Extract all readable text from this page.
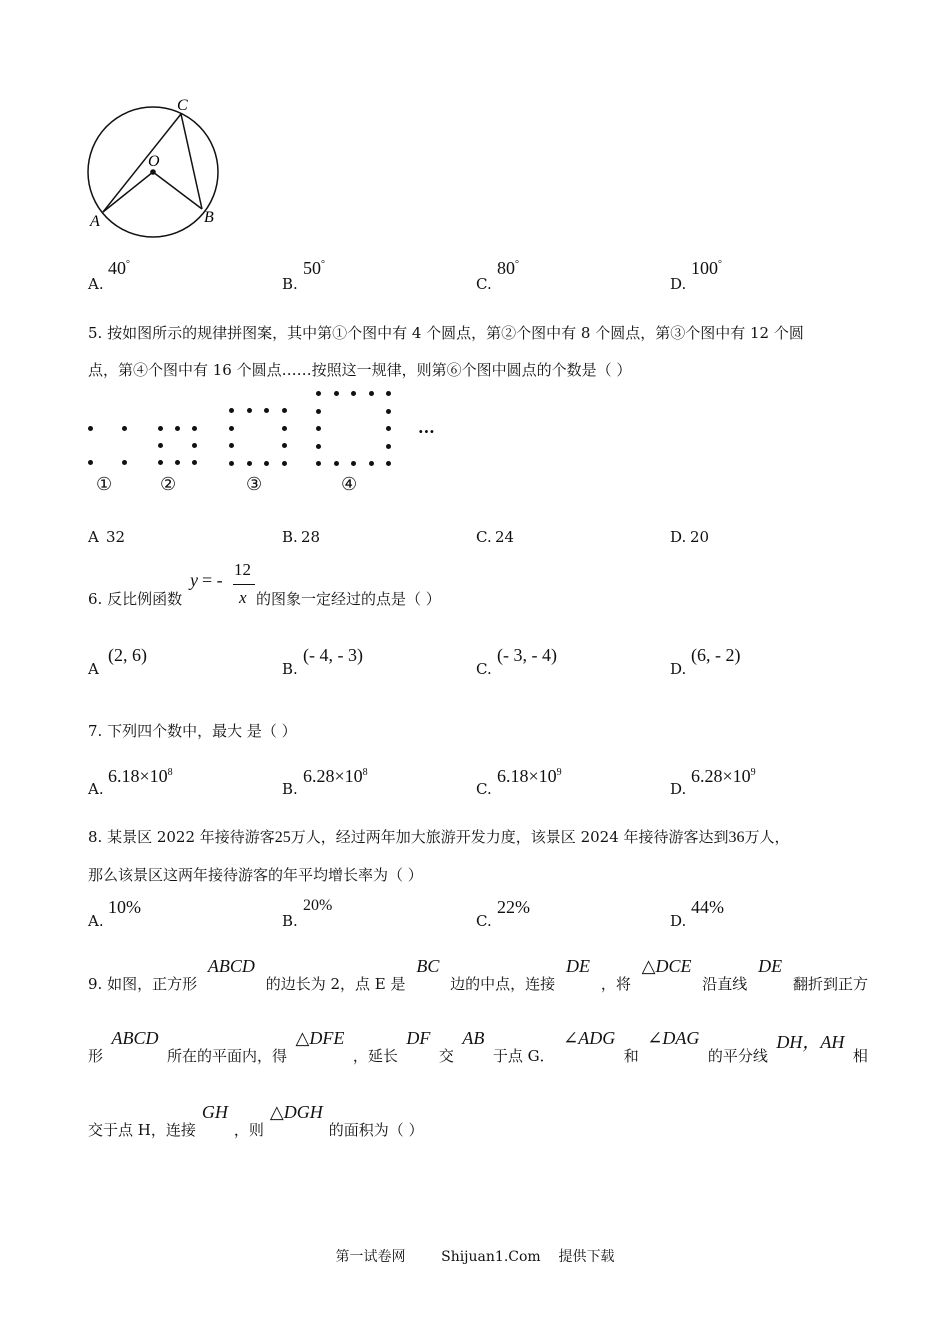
C
O
A	B
A.
40°
B.
50°
C.
80°
D.
100°
5. 按如图所示的规律拼图案，其中第①个图中有 4 个圆点，第②个图中有 8 个圆点，第③个图中有 12 个圆
点，第④个图中有 16 个圆点……按照这一规律，则第⑥个图中圆点的个数是（ ）
①	②	③	④
···
A 32	B. 28	C. 24	D. 20
6. 反比例函数
y = -
12
x 的图象一定经过的点是（ ）
A
(2, 6)
B.
(- 4, - 3)
C.
(- 3, - 4)
D.
(6, - 2)
7. 下列四个数中，最大 是（ ）
A.
$6.18\times 10^8$
B.
$6.28\times 10^8$
C.
$6.18\times 10^9$
D.
$6.28\times 10^9$
8. 某景区 2022 年接待游客25万人，经过两年加大旅游开发力度，该景区 2024 年接待游客达到36万人，
那么该景区这两年接待游客的年平均增长率为（ ）
A.
10%
B.
20%
C.
22%
D.
44%
9. 如图，正方形
ABCD
的边长为 2，点 E 是
BC
边的中点，连接
DE
，将
△DCE
沿直线
DE
翻折到正方
形
ABCD
所在的平面内，得
△DFE
，延长
DF
交
AB
于点 G．
∠ADG
和
∠DAG
的平分线
DH，AH
相
交于点 H，连接
GH
，则
△DGH
的面积为（ ）
第一试卷网        Shijuan1.Com    提供下载
